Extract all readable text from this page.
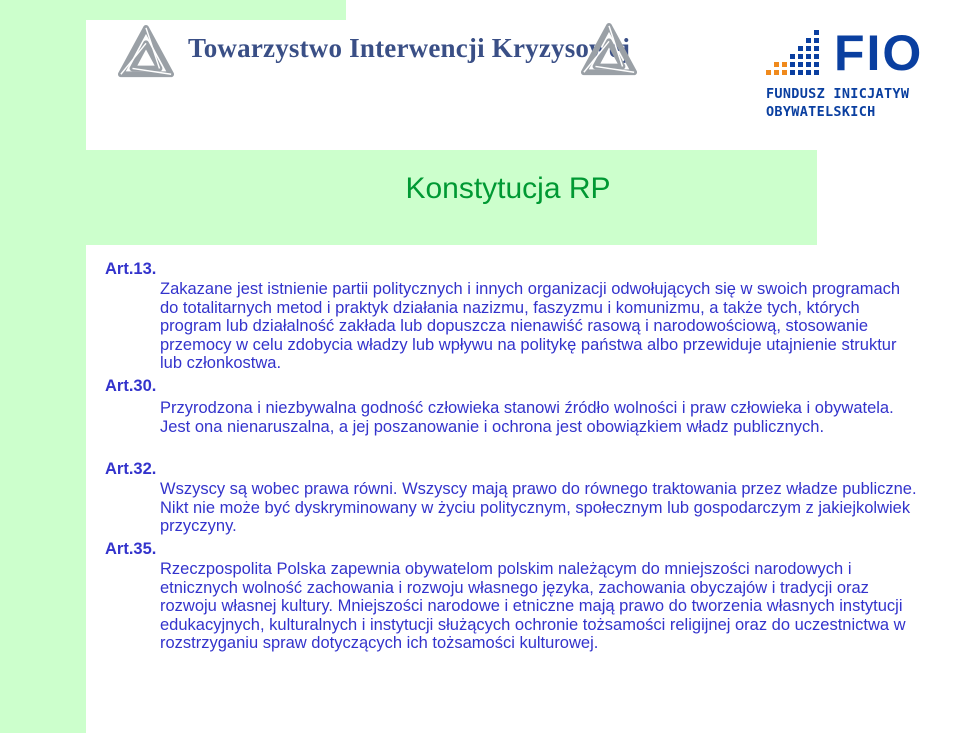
Towarzystwo Interwencji Kryzysowej	FIO
FUNDUSZ INICJATYW
OBYWATELSKICH
Konstytucja RP
Art.13.

Zakazane jest istnienie partii politycznych i innych organizacji odwołujących się w swoich programach do totalitarnych metod i praktyk działania nazizmu, faszyzmu i komunizmu, a także tych, których program lub działalność zakłada lub dopuszcza nienawiść rasową i narodowościową, stosowanie przemocy w celu zdobycia władzy lub wpływu na politykę państwa albo przewiduje utajnienie struktur lub członkostwa.

Art.30.

Przyrodzona i niezbywalna godność człowieka stanowi źródło wolności i praw człowieka i obywatela. Jest ona nienaruszalna, a jej poszanowanie i ochrona jest obowiązkiem władz publicznych.

Art.32.

Wszyscy są wobec prawa równi. Wszyscy mają prawo do równego traktowania przez władze publiczne. Nikt nie może być dyskryminowany w życiu politycznym, społecznym lub gospodarczym z jakiejkolwiek przyczyny.

Art.35.

Rzeczpospolita Polska zapewnia obywatelom polskim należącym do mniejszości narodowych i etnicznych wolność zachowania i rozwoju własnego języka, zachowania obyczajów i tradycji oraz rozwoju własnej kultury. Mniejszości narodowe i etniczne mają prawo do tworzenia własnych instytucji edukacyjnych, kulturalnych i instytucji służących ochronie tożsamości religijnej oraz do uczestnictwa w rozstrzyganiu spraw dotyczących ich tożsamości kulturowej.
